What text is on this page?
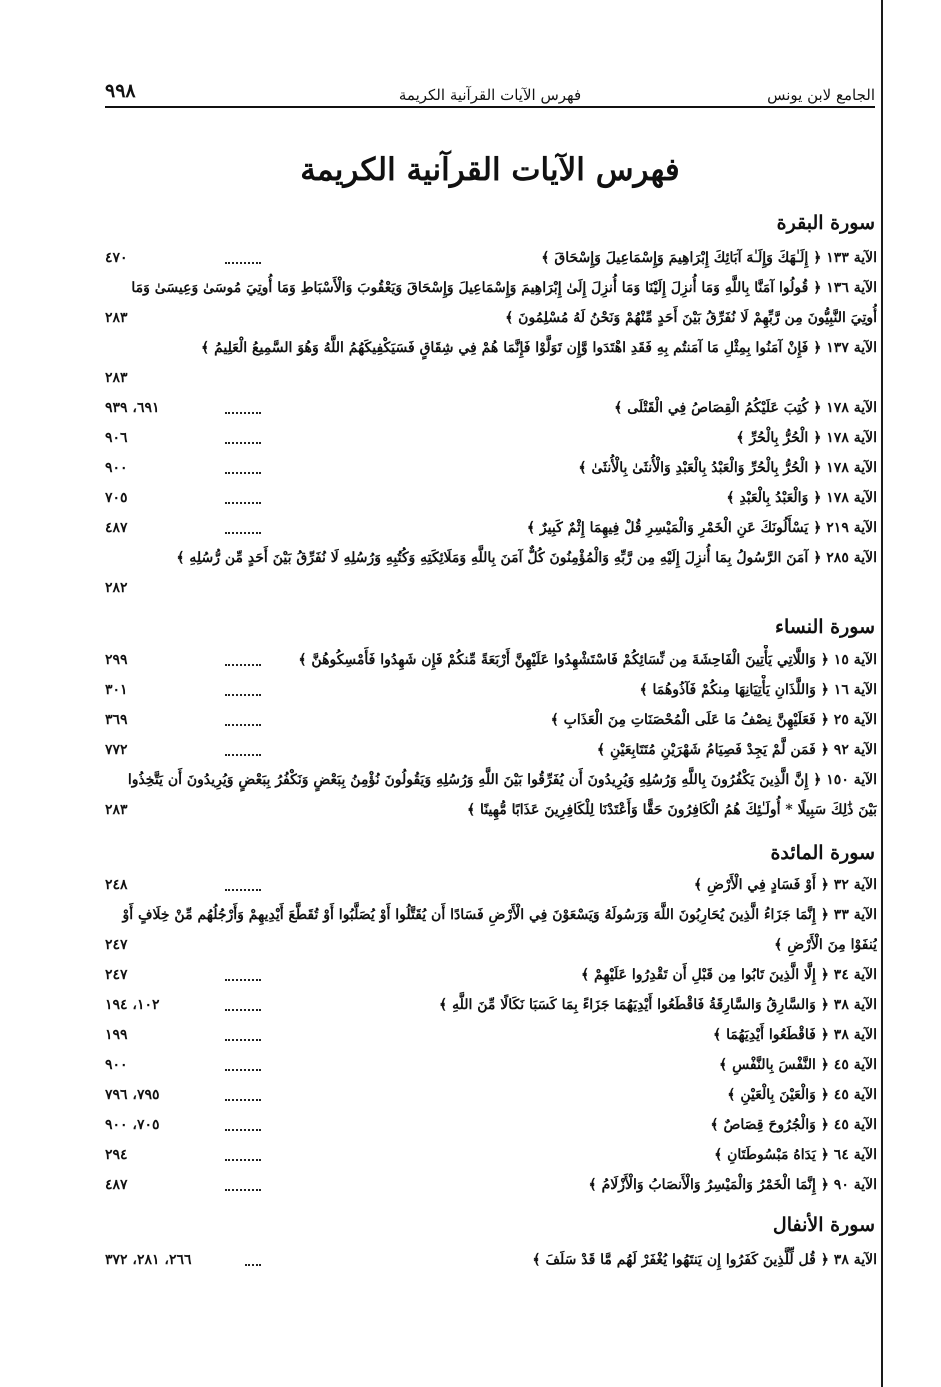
الجامع لابن يونس
فهرس الآيات القرآنية الكريمة
٩٩٨
فهرس الآيات القرآنية الكريمة
سورة البقرة
الآية ١٣٣ ﴿ إِلَـٰهَكَ وَإِلَـٰهَ آبَائِكَ إِبْرَاهِيمَ وَإِسْمَاعِيلَ وَإِسْحَاقَ ﴾
٤٧٠
الآية ١٣٦ ﴿ قُولُوا آمَنَّا بِاللَّهِ وَمَا أُنزِلَ إِلَيْنَا وَمَا أُنزِلَ إِلَىٰ إِبْرَاهِيمَ وَإِسْمَاعِيلَ وَإِسْحَاقَ وَيَعْقُوبَ وَالْأَسْبَاطِ وَمَا أُوتِيَ مُوسَىٰ وَعِيسَىٰ وَمَا أُوتِيَ النَّبِيُّونَ مِن رَّبِّهِمْ لَا نُفَرِّقُ بَيْنَ أَحَدٍ مِّنْهُمْ وَنَحْنُ لَهُ مُسْلِمُونَ ﴾
٢٨٣
الآية ١٣٧ ﴿ فَإِنْ آمَنُوا بِمِثْلِ مَا آمَنتُم بِهِ فَقَدِ اهْتَدَوا وَّإِن تَوَلَّوْا فَإِنَّمَا هُمْ فِي شِقَاقٍ فَسَيَكْفِيكَهُمُ اللَّهُ وَهُوَ السَّمِيعُ الْعَلِيمُ ﴾
٢٨٣
الآية ١٧٨ ﴿ كُتِبَ عَلَيْكُمُ الْقِصَاصُ فِي الْقَتْلَى ﴾
٦٩١، ٩٣٩
الآية ١٧٨ ﴿ الْحُرُّ بِالْحُرِّ ﴾
٩٠٦
الآية ١٧٨ ﴿ الْحُرُّ بِالْحُرِّ وَالْعَبْدُ بِالْعَبْدِ وَالْأُنثَىٰ بِالْأُنثَىٰ ﴾
٩٠٠
الآية ١٧٨ ﴿ وَالْعَبْدُ بِالْعَبْدِ ﴾
٧٠٥
الآية ٢١٩ ﴿ يَسْأَلُونَكَ عَنِ الْخَمْرِ وَالْمَيْسِرِ قُلْ فِيهِمَا إِثْمٌ كَبِيرٌ ﴾
٤٨٧
الآية ٢٨٥ ﴿ آمَنَ الرَّسُولُ بِمَا أُنزِلَ إِلَيْهِ مِن رَّبِّهِ وَالْمُؤْمِنُونَ كُلٌّ آمَنَ بِاللَّهِ وَمَلَائِكَتِهِ وَكُتُبِهِ وَرُسُلِهِ لَا نُفَرِّقُ بَيْنَ أَحَدٍ مِّن رُّسُلِهِ ﴾
٢٨٢
سورة النساء
الآية ١٥ ﴿ وَاللَّاتِي يَأْتِينَ الْفَاحِشَةَ مِن نِّسَائِكُمْ فَاسْتَشْهِدُوا عَلَيْهِنَّ أَرْبَعَةً مِّنكُمْ فَإِن شَهِدُوا فَأَمْسِكُوهُنَّ ﴾
٢٩٩
الآية ١٦ ﴿ وَاللَّذَانِ يَأْتِيَانِهَا مِنكُمْ فَآذُوهُمَا ﴾
٣٠١
الآية ٢٥ ﴿ فَعَلَيْهِنَّ نِصْفُ مَا عَلَى الْمُحْصَنَاتِ مِنَ الْعَذَابِ ﴾
٣٦٩
الآية ٩٢ ﴿ فَمَن لَّمْ يَجِدْ فَصِيَامُ شَهْرَيْنِ مُتَتَابِعَيْنِ ﴾
٧٧٢
الآية ١٥٠ ﴿ إِنَّ الَّذِينَ يَكْفُرُونَ بِاللَّهِ وَرُسُلِهِ وَيُرِيدُونَ أَن يُفَرِّقُوا بَيْنَ اللَّهِ وَرُسُلِهِ وَيَقُولُونَ نُؤْمِنُ بِبَعْضٍ وَنَكْفُرُ بِبَعْضٍ وَيُرِيدُونَ أَن يَتَّخِذُوا بَيْنَ ذَٰلِكَ سَبِيلًا * أُولَـٰئِكَ هُمُ الْكَافِرُونَ حَقًّا وَأَعْتَدْنَا لِلْكَافِرِينَ عَذَابًا مُّهِينًا ﴾
٢٨٣
سورة المائدة
الآية ٣٢ ﴿ أَوْ فَسَادٍ فِي الْأَرْضِ ﴾
٢٤٨
الآية ٣٣ ﴿ إِنَّمَا جَزَاءُ الَّذِينَ يُحَارِبُونَ اللَّهَ وَرَسُولَهُ وَيَسْعَوْنَ فِي الْأَرْضِ فَسَادًا أَن يُقَتَّلُوا أَوْ يُصَلَّبُوا أَوْ تُقَطَّعَ أَيْدِيهِمْ وَأَرْجُلُهُم مِّنْ خِلَافٍ أَوْ يُنفَوْا مِنَ الْأَرْضِ ﴾
٢٤٧
الآية ٣٤ ﴿ إِلَّا الَّذِينَ تَابُوا مِن قَبْلِ أَن تَقْدِرُوا عَلَيْهِمْ ﴾
٢٤٧
الآية ٣٨ ﴿ وَالسَّارِقُ وَالسَّارِقَةُ فَاقْطَعُوا أَيْدِيَهُمَا جَزَاءً بِمَا كَسَبَا نَكَالًا مِّنَ اللَّهِ ﴾
١٠٢، ١٩٤
الآية ٣٨ ﴿ فَاقْطَعُوا أَيْدِيَهُمَا ﴾
١٩٩
الآية ٤٥ ﴿ النَّفْسَ بِالنَّفْسِ ﴾
٩٠٠
الآية ٤٥ ﴿ وَالْعَيْنَ بِالْعَيْنِ ﴾
٧٩٥، ٧٩٦
الآية ٤٥ ﴿ وَالْجُرُوحَ قِصَاصٌ ﴾
٧٠٥، ٩٠٠
الآية ٦٤ ﴿ يَدَاهُ مَبْسُوطَتَانِ ﴾
٢٩٤
الآية ٩٠ ﴿ إِنَّمَا الْخَمْرُ وَالْمَيْسِرُ وَالْأَنصَابُ وَالْأَزْلَامُ ﴾
٤٨٧
سورة الأنفال
الآية ٣٨ ﴿ قُل لِّلَّذِينَ كَفَرُوا إِن يَنتَهُوا يُغْفَرْ لَهُم مَّا قَدْ سَلَفَ ﴾
٢٦٦، ٢٨١، ٣٧٢
